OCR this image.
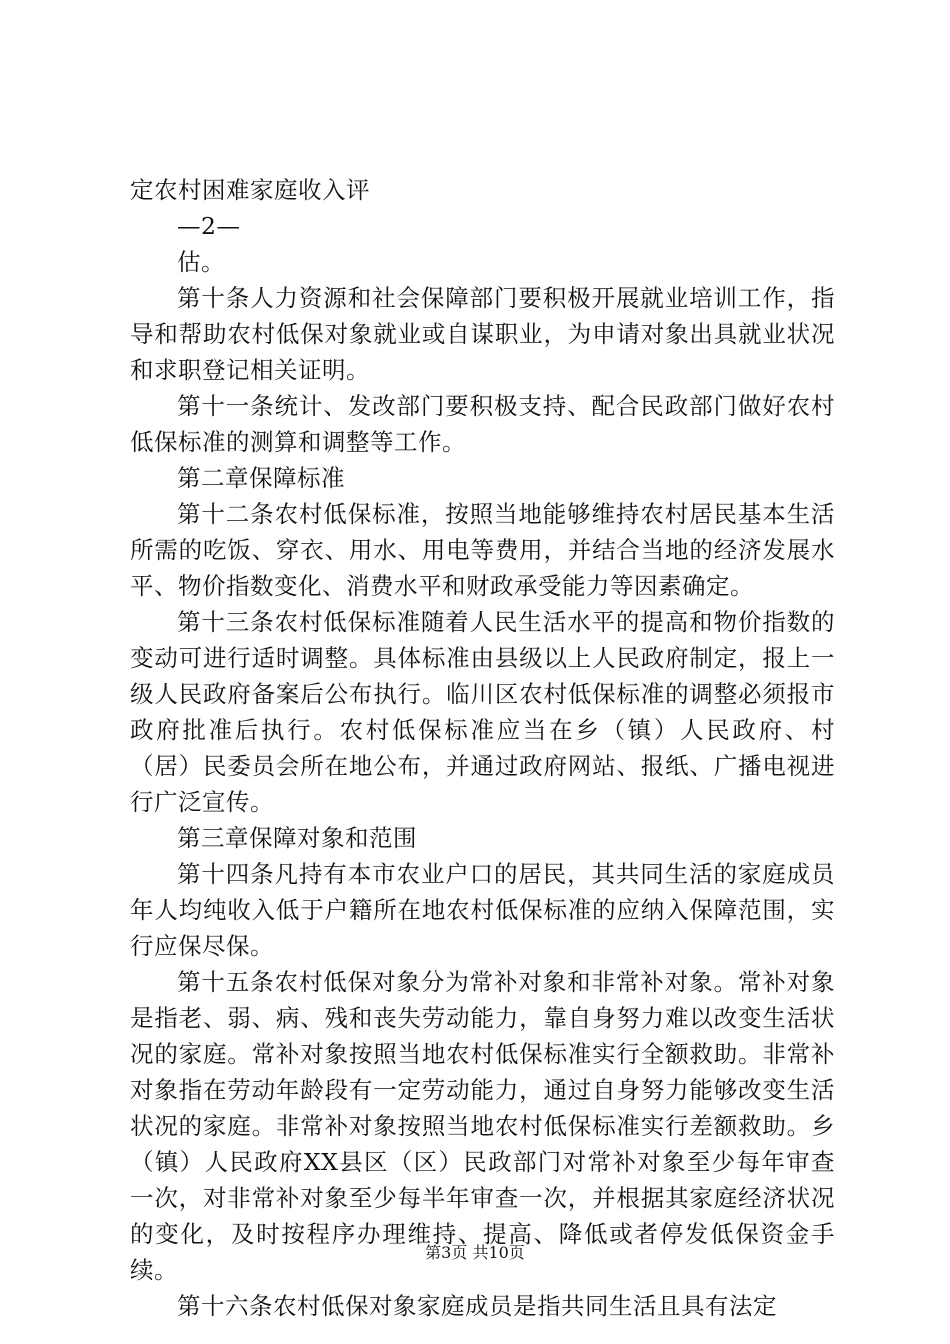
定农村困难家庭收入评
—2—
估。
第十条人力资源和社会保障部门要积极开展就业培训工作，指导和帮助农村低保对象就业或自谋职业，为申请对象出具就业状况和求职登记相关证明。
第十一条统计、发改部门要积极支持、配合民政部门做好农村低保标准的测算和调整等工作。
第二章保障标准
第十二条农村低保标准，按照当地能够维持农村居民基本生活所需的吃饭、穿衣、用水、用电等费用，并结合当地的经济发展水平、物价指数变化、消费水平和财政承受能力等因素确定。
第十三条农村低保标准随着人民生活水平的提高和物价指数的变动可进行适时调整。具体标准由县级以上人民政府制定，报上一级人民政府备案后公布执行。临川区农村低保标准的调整必须报市政府批准后执行。农村低保标准应当在乡（镇）人民政府、村（居）民委员会所在地公布，并通过政府网站、报纸、广播电视进行广泛宣传。
第三章保障对象和范围
第十四条凡持有本市农业户口的居民，其共同生活的家庭成员年人均纯收入低于户籍所在地农村低保标准的应纳入保障范围，实行应保尽保。
第十五条农村低保对象分为常补对象和非常补对象。常补对象是指老、弱、病、残和丧失劳动能力，靠自身努力难以改变生活状况的家庭。常补对象按照当地农村低保标准实行全额救助。非常补对象指在劳动年龄段有一定劳动能力，通过自身努力能够改变生活状况的家庭。非常补对象按照当地农村低保标准实行差额救助。乡（镇）人民政府XX县区（区）民政部门对常补对象至少每年审查一次，对非常补对象至少每半年审查一次，并根据其家庭经济状况的变化，及时按程序办理维持、提高、降低或者停发低保资金手续。
第十六条农村低保对象家庭成员是指共同生活且具有法定
第3页 共10页
